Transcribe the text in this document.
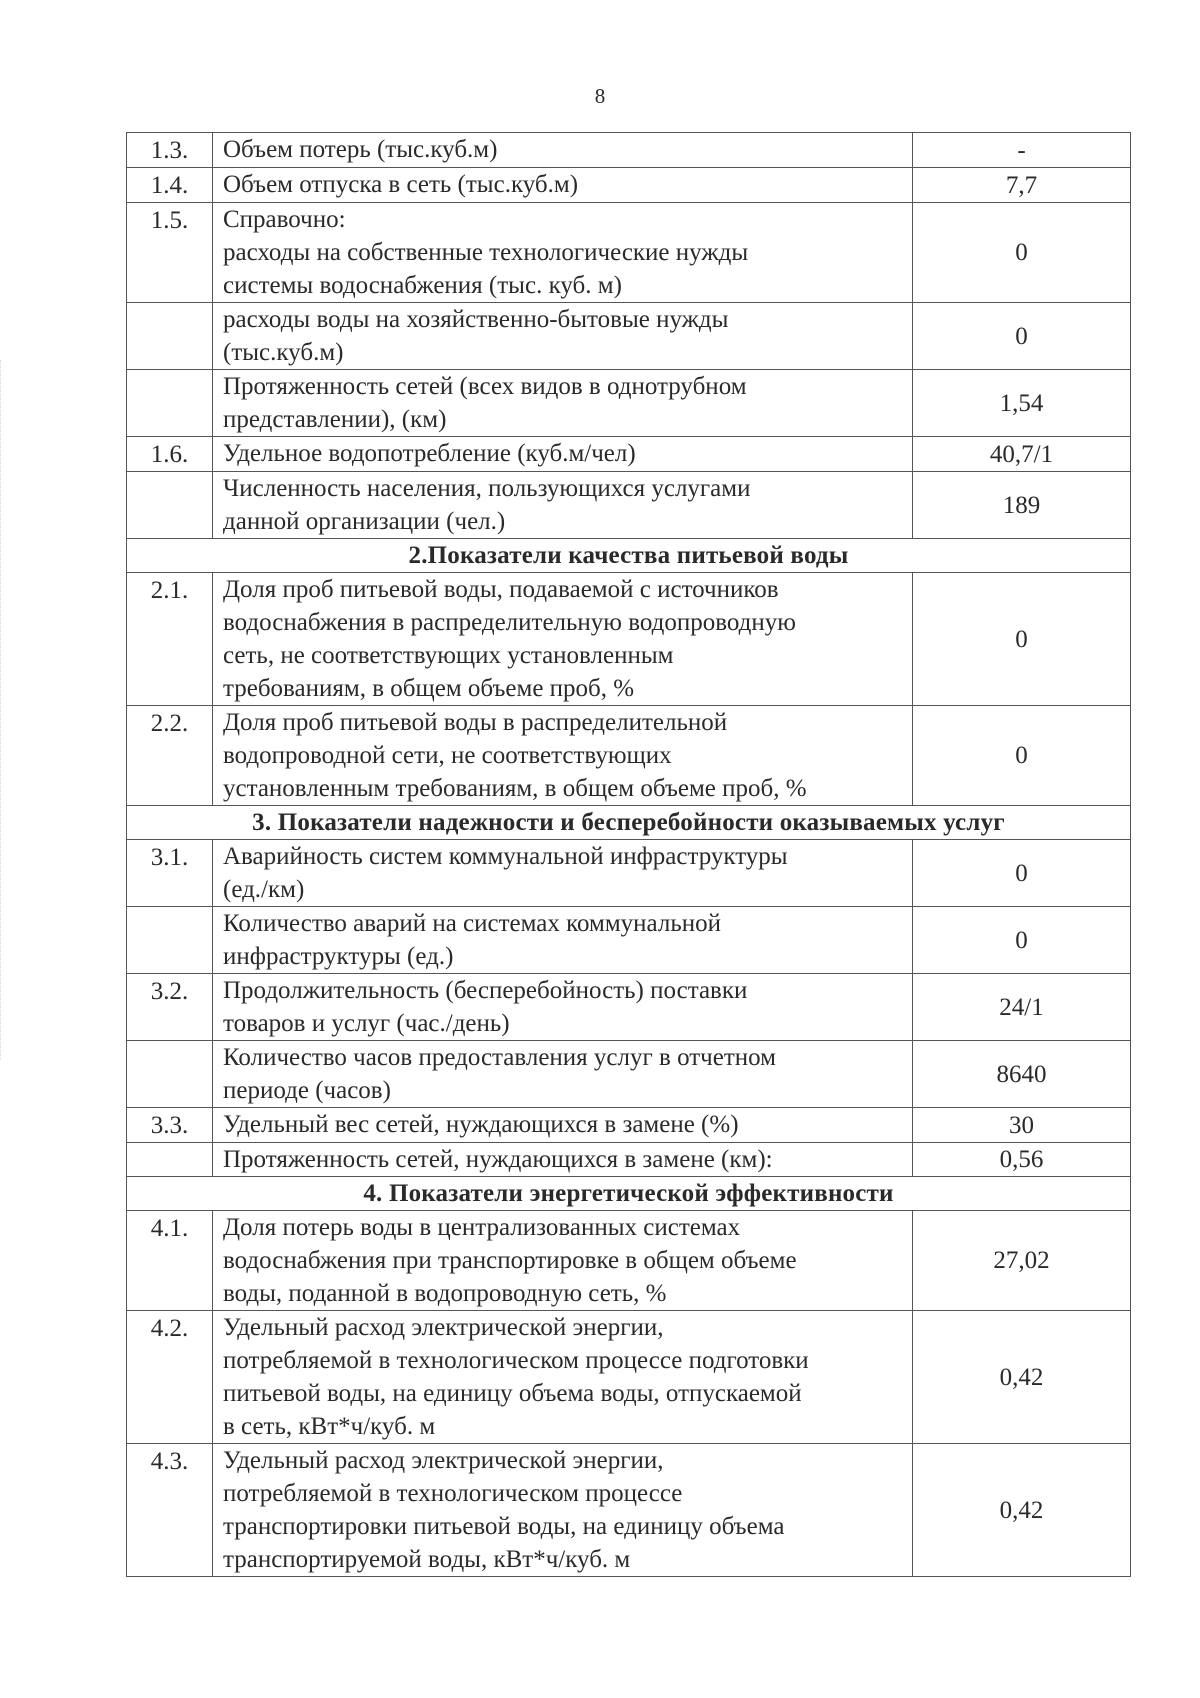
8
1.3.	Объем потерь (тыс.куб.м)	-
1.4.	Объем отпуска в сеть (тыс.куб.м)	7,7
1.5.	Справочно:
расходы на собственные технологические нужды
системы водоснабжения (тыс. куб. м)	0

	расходы воды на хозяйственно-бытовые нужды
(тыс.куб.м)	0

	Протяженность сетей (всех видов в однотрубном
представлении), (км)	1,54
1.6.	Удельное водопотребление (куб.м/чел)	40,7/1

	Численность населения, пользующихся услугами
данной организации (чел.)	189
2.Показатели качества питьевой воды		
2.1.	Доля проб питьевой воды, подаваемой с источников
водоснабжения в распределительную водопроводную
сеть, не соответствующих установленным
требованиям, в общем объеме проб, %	0
2.2.	Доля проб питьевой воды в распределительной
водопроводной сети, не соответствующих
установленным требованиям, в общем объеме проб, %	0
3. Показатели надежности и бесперебойности оказываемых услуг		
3.1.	Аварийность систем коммунальной инфраструктуры
(ед./км)	0

	Количество аварий на системах коммунальной
инфраструктуры (ед.)	0
3.2.	Продолжительность (бесперебойность) поставки
товаров и услуг (час./день)	24/1

	Количество часов предоставления услуг в отчетном
периоде (часов)	8640
3.3.	Удельный вес сетей, нуждающихся в замене (%)	30

	Протяженность сетей, нуждающихся в замене (км):	0,56
4. Показатели энергетической эффективности		
4.1.	Доля потерь воды в централизованных системах
водоснабжения при транспортировке в общем объеме
воды, поданной в водопроводную сеть, %	27,02
4.2.	Удельный расход электрической энергии,
потребляемой в технологическом процессе подготовки
питьевой воды, на единицу объема воды, отпускаемой
в сеть, кВт*ч/куб. м	0,42
4.3.	Удельный расход электрической энергии,
потребляемой в технологическом процессе
транспортировки питьевой воды, на единицу объема
транспортируемой воды, кВт*ч/куб. м	0,42
